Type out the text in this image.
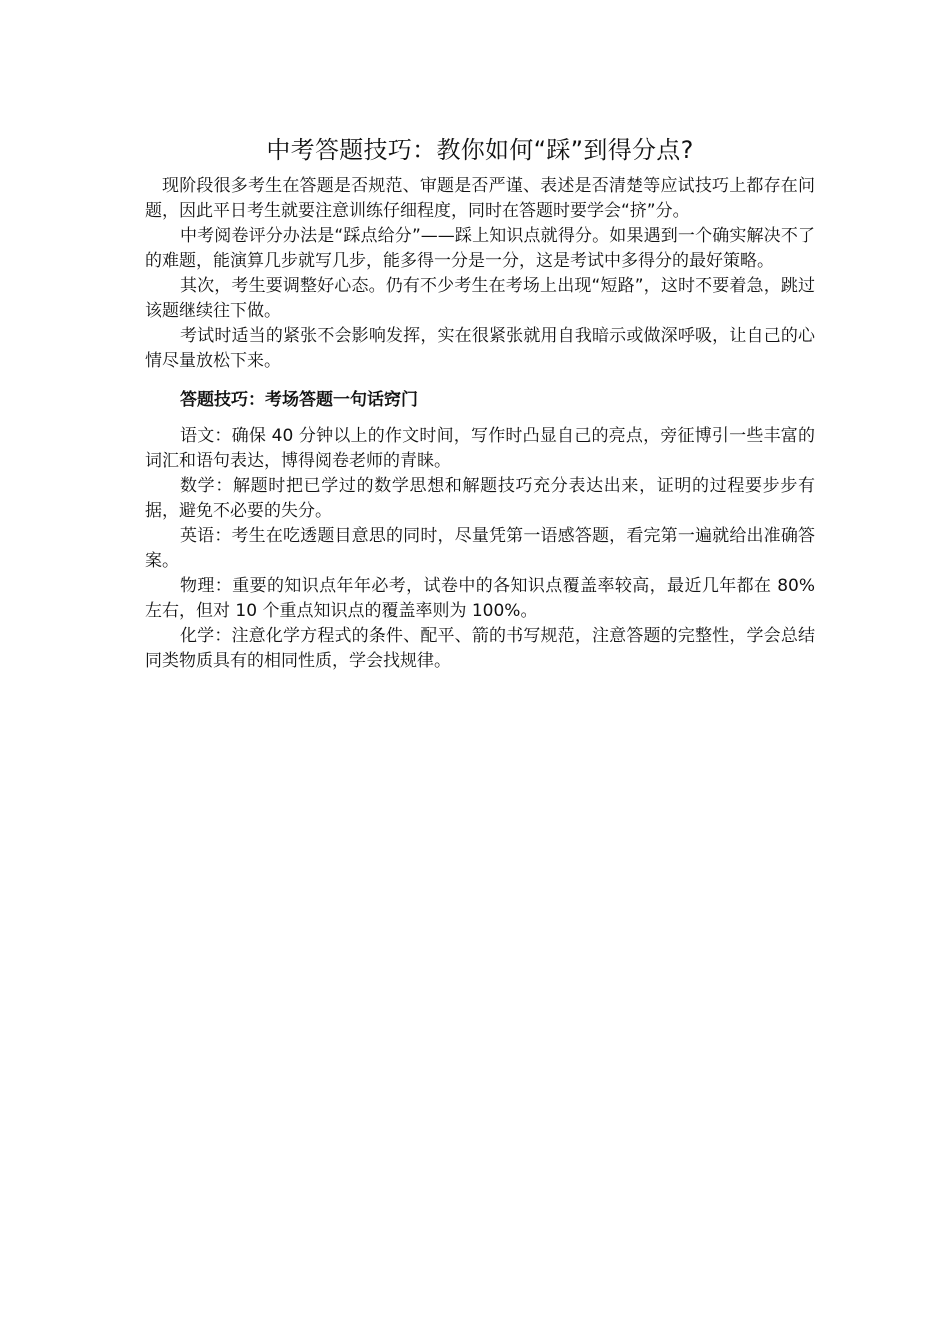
中考答题技巧：教你如何“踩”到得分点?

现阶段很多考生在答题是否规范、审题是否严谨、表述是否清楚等应试技巧上都存在问题，因此平日考生就要注意训练仔细程度，同时在答题时要学会“挤”分。

中考阅卷评分办法是“踩点给分”——踩上知识点就得分。如果遇到一个确实解决不了的难题，能演算几步就写几步，能多得一分是一分，这是考试中多得分的最好策略。

其次，考生要调整好心态。仍有不少考生在考场上出现“短路”，这时不要着急，跳过该题继续往下做。

考试时适当的紧张不会影响发挥，实在很紧张就用自我暗示或做深呼吸，让自己的心情尽量放松下来。

答题技巧：考场答题一句话窍门

语文：确保 40 分钟以上的作文时间，写作时凸显自己的亮点，旁征博引一些丰富的词汇和语句表达，博得阅卷老师的青睐。

数学：解题时把已学过的数学思想和解题技巧充分表达出来，证明的过程要步步有据，避免不必要的失分。

英语：考生在吃透题目意思的同时，尽量凭第一语感答题，看完第一遍就给出准确答案。

物理：重要的知识点年年必考，试卷中的各知识点覆盖率较高，最近几年都在 80%左右，但对 10 个重点知识点的覆盖率则为 100%。

化学：注意化学方程式的条件、配平、箭的书写规范，注意答题的完整性，学会总结同类物质具有的相同性质，学会找规律。
